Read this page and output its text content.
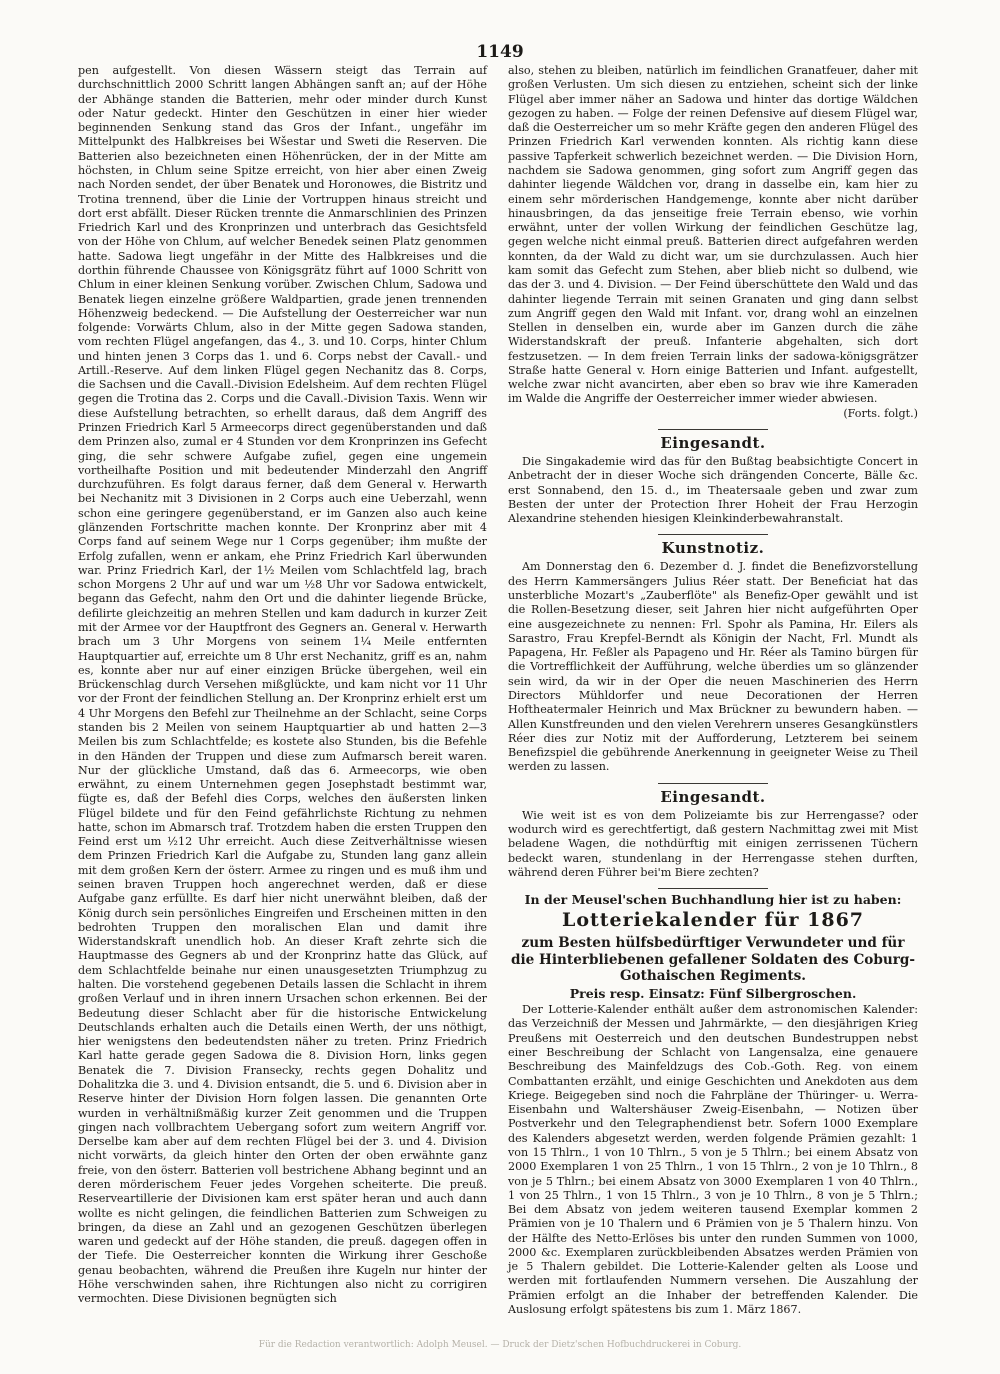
1149

pen aufgestellt. Von diesen Wässern steigt das Terrain auf durchschnittlich 2000 Schritt langen Abhängen sanft an; auf der Höhe der Abhänge standen die Batterien, mehr oder minder durch Kunst oder Natur gedeckt. Hinter den Geschützen in einer hier wieder beginnenden Senkung stand das Gros der Infant., ungefähr im Mittelpunkt des Halbkreises bei Wšestar und Sweti die Reserven. Die Batterien also bezeichneten einen Höhenrücken, der in der Mitte am höchsten, in Chlum seine Spitze erreicht, von hier aber einen Zweig nach Norden sendet, der über Benatek und Horonowes, die Bistritz und Trotina trennend, über die Linie der Vortruppen hinaus streicht und dort erst abfällt. Dieser Rücken trennte die Anmarschlinien des Prinzen Friedrich Karl und des Kronprinzen und unterbrach das Gesichtsfeld von der Höhe von Chlum, auf welcher Benedek seinen Platz genommen hatte. Sadowa liegt ungefähr in der Mitte des Halbkreises und die dorthin führende Chaussee von Königsgrätz führt auf 1000 Schritt von Chlum in einer kleinen Senkung vorüber. Zwischen Chlum, Sadowa und Benatek liegen einzelne größere Waldpartien, grade jenen trennenden Höhenzweig bedeckend. — Die Aufstellung der Oesterreicher war nun folgende: Vorwärts Chlum, also in der Mitte gegen Sadowa standen, vom rechten Flügel angefangen, das 4., 3. und 10. Corps, hinter Chlum und hinten jenen 3 Corps das 1. und 6. Corps nebst der Cavall.- und Artill.-Reserve. Auf dem linken Flügel gegen Nechanitz das 8. Corps, die Sachsen und die Cavall.-Division Edelsheim. Auf dem rechten Flügel gegen die Trotina das 2. Corps und die Cavall.-Division Taxis. Wenn wir diese Aufstellung betrachten, so erhellt daraus, daß dem Angriff des Prinzen Friedrich Karl 5 Armeecorps direct gegenüberstanden und daß dem Prinzen also, zumal er 4 Stunden vor dem Kronprinzen ins Gefecht ging, die sehr schwere Aufgabe zufiel, gegen eine ungemein vortheilhafte Position und mit bedeutender Minderzahl den Angriff durchzuführen. Es folgt daraus ferner, daß dem General v. Herwarth bei Nechanitz mit 3 Divisionen in 2 Corps auch eine Ueberzahl, wenn schon eine geringere gegenüberstand, er im Ganzen also auch keine glänzenden Fortschritte machen konnte. Der Kronprinz aber mit 4 Corps fand auf seinem Wege nur 1 Corps gegenüber; ihm mußte der Erfolg zufallen, wenn er ankam, ehe Prinz Friedrich Karl überwunden war. Prinz Friedrich Karl, der 1½ Meilen vom Schlachtfeld lag, brach schon Morgens 2 Uhr auf und war um ½8 Uhr vor Sadowa entwickelt, begann das Gefecht, nahm den Ort und die dahinter liegende Brücke, defilirte gleichzeitig an mehren Stellen und kam dadurch in kurzer Zeit mit der Armee vor der Hauptfront des Gegners an. General v. Herwarth brach um 3 Uhr Morgens von seinem 1¼ Meile entfernten Hauptquartier auf, erreichte um 8 Uhr erst Nechanitz, griff es an, nahm es, konnte aber nur auf einer einzigen Brücke übergehen, weil ein Brückenschlag durch Versehen mißglückte, und kam nicht vor 11 Uhr vor der Front der feindlichen Stellung an. Der Kronprinz erhielt erst um 4 Uhr Morgens den Befehl zur Theilnehme an der Schlacht, seine Corps standen bis 2 Meilen von seinem Hauptquartier ab und hatten 2—3 Meilen bis zum Schlachtfelde; es kostete also Stunden, bis die Befehle in den Händen der Truppen und diese zum Aufmarsch bereit waren. Nur der glückliche Umstand, daß das 6. Armeecorps, wie oben erwähnt, zu einem Unternehmen gegen Josephstadt bestimmt war, fügte es, daß der Befehl dies Corps, welches den äußersten linken Flügel bildete und für den Feind gefährlichste Richtung zu nehmen hatte, schon im Abmarsch traf. Trotzdem haben die ersten Truppen den Feind erst um ½12 Uhr erreicht. Auch diese Zeitverhältnisse wiesen dem Prinzen Friedrich Karl die Aufgabe zu, Stunden lang ganz allein mit dem großen Kern der österr. Armee zu ringen und es muß ihm und seinen braven Truppen hoch angerechnet werden, daß er diese Aufgabe ganz erfüllte. Es darf hier nicht unerwähnt bleiben, daß der König durch sein persönliches Eingreifen und Erscheinen mitten in den bedrohten Truppen den moralischen Elan und damit ihre Widerstandskraft unendlich hob. An dieser Kraft zehrte sich die Hauptmasse des Gegners ab und der Kronprinz hatte das Glück, auf dem Schlachtfelde beinahe nur einen unausgesetzten Triumphzug zu halten. Die vorstehend gegebenen Details lassen die Schlacht in ihrem großen Verlauf und in ihren innern Ursachen schon erkennen. Bei der Bedeutung dieser Schlacht aber für die historische Entwickelung Deutschlands erhalten auch die Details einen Werth, der uns nöthigt, hier wenigstens den bedeutendsten näher zu treten. Prinz Friedrich Karl hatte gerade gegen Sadowa die 8. Division Horn, links gegen Benatek die 7. Division Fransecky, rechts gegen Dohalitz und Dohalitzka die 3. und 4. Division entsandt, die 5. und 6. Division aber in Reserve hinter der Division Horn folgen lassen. Die genannten Orte wurden in verhältnißmäßig kurzer Zeit genommen und die Truppen gingen nach vollbrachtem Uebergang sofort zum weitern Angriff vor. Derselbe kam aber auf dem rechten Flügel bei der 3. und 4. Division nicht vorwärts, da gleich hinter den Orten der oben erwähnte ganz freie, von den österr. Batterien voll bestrichene Abhang beginnt und an deren mörderischem Feuer jedes Vorgehen scheiterte. Die preuß. Reserveartillerie der Divisionen kam erst später heran und auch dann wollte es nicht gelingen, die feindlichen Batterien zum Schweigen zu bringen, da diese an Zahl und an gezogenen Geschützen überlegen waren und gedeckt auf der Höhe standen, die preuß. dagegen offen in der Tiefe. Die Oesterreicher konnten die Wirkung ihrer Geschoße genau beobachten, während die Preußen ihre Kugeln nur hinter der Höhe verschwinden sahen, ihre Richtungen also nicht zu corrigiren vermochten. Diese Divisionen begnügten sich

also, stehen zu bleiben, natürlich im feindlichen Granatfeuer, daher mit großen Verlusten. Um sich diesen zu entziehen, scheint sich der linke Flügel aber immer näher an Sadowa und hinter das dortige Wäldchen gezogen zu haben. — Folge der reinen Defensive auf diesem Flügel war, daß die Oesterreicher um so mehr Kräfte gegen den anderen Flügel des Prinzen Friedrich Karl verwenden konnten. Als richtig kann diese passive Tapferkeit schwerlich bezeichnet werden. — Die Division Horn, nachdem sie Sadowa genommen, ging sofort zum Angriff gegen das dahinter liegende Wäldchen vor, drang in dasselbe ein, kam hier zu einem sehr mörderischen Handgemenge, konnte aber nicht darüber hinausbringen, da das jenseitige freie Terrain ebenso, wie vorhin erwähnt, unter der vollen Wirkung der feindlichen Geschütze lag, gegen welche nicht einmal preuß. Batterien direct aufgefahren werden konnten, da der Wald zu dicht war, um sie durchzulassen. Auch hier kam somit das Gefecht zum Stehen, aber blieb nicht so dulbend, wie das der 3. und 4. Division. — Der Feind überschüttete den Wald und das dahinter liegende Terrain mit seinen Granaten und ging dann selbst zum Angriff gegen den Wald mit Infant. vor, drang wohl an einzelnen Stellen in denselben ein, wurde aber im Ganzen durch die zähe Widerstandskraft der preuß. Infanterie abgehalten, sich dort festzusetzen. — In dem freien Terrain links der sadowa-königsgrätzer Straße hatte General v. Horn einige Batterien und Infant. aufgestellt, welche zwar nicht avancirten, aber eben so brav wie ihre Kameraden im Walde die Angriffe der Oesterreicher immer wieder abwiesen.

(Forts. folgt.)
Eingesandt.

Die Singakademie wird das für den Bußtag beabsichtigte Concert in Anbetracht der in dieser Woche sich drängenden Concerte, Bälle &c. erst Sonnabend, den 15. d., im Theatersaale geben und zwar zum Besten der unter der Protection Ihrer Hoheit der Frau Herzogin Alexandrine stehenden hiesigen Kleinkinderbewahranstalt.

Kunstnotiz.

Am Donnerstag den 6. Dezember d. J. findet die Benefizvorstellung des Herrn Kammersängers Julius Réer statt. Der Beneficiat hat das unsterbliche Mozart's „Zauberflöte" als Benefiz-Oper gewählt und ist die Rollen-Besetzung dieser, seit Jahren hier nicht aufgeführten Oper eine ausgezeichnete zu nennen: Frl. Spohr als Pamina, Hr. Eilers als Sarastro, Frau Krepfel-Berndt als Königin der Nacht, Frl. Mundt als Papagena, Hr. Feßler als Papageno und Hr. Réer als Tamino bürgen für die Vortrefflichkeit der Aufführung, welche überdies um so glänzender sein wird, da wir in der Oper die neuen Maschinerien des Herrn Directors Mühldorfer und neue Decorationen der Herren Hoftheatermaler Heinrich und Max Brückner zu bewundern haben. — Allen Kunstfreunden und den vielen Verehrern unseres Gesangkünstlers Réer dies zur Notiz mit der Aufforderung, Letzterem bei seinem Benefizspiel die gebührende Anerkennung in geeigneter Weise zu Theil werden zu lassen.

Eingesandt.

Wie weit ist es von dem Polizeiamte bis zur Herrengasse? oder wodurch wird es gerechtfertigt, daß gestern Nachmittag zwei mit Mist beladene Wagen, die nothdürftig mit einigen zerrissenen Tüchern bedeckt waren, stundenlang in der Herrengasse stehen durften, während deren Führer bei'm Biere zechten?

In der Meusel'schen Buchhandlung hier ist zu haben:
Lotteriekalender für 1867
zum Besten hülfsbedürftiger Verwundeter und für die Hinterbliebenen gefallener Soldaten des Coburg-Gothaischen Regiments.
Preis resp. Einsatz: Fünf Silbergroschen.

Der Lotterie-Kalender enthält außer dem astronomischen Kalender: das Verzeichniß der Messen und Jahrmärkte, — den diesjährigen Krieg Preußens mit Oesterreich und den deutschen Bundestruppen nebst einer Beschreibung der Schlacht von Langensalza, eine genauere Beschreibung des Mainfeldzugs des Cob.-Goth. Reg. von einem Combattanten erzählt, und einige Geschichten und Anekdoten aus dem Kriege. Beigegeben sind noch die Fahrpläne der Thüringer- u. Werra-Eisenbahn und Waltershäuser Zweig-Eisenbahn, — Notizen über Postverkehr und den Telegraphendienst betr. Sofern 1000 Exemplare des Kalenders abgesetzt werden, werden folgende Prämien gezahlt: 1 von 15 Thlrn., 1 von 10 Thlrn., 5 von je 5 Thlrn.; bei einem Absatz von 2000 Exemplaren 1 von 25 Thlrn., 1 von 15 Thlrn., 2 von je 10 Thlrn., 8 von je 5 Thlrn.; bei einem Absatz von 3000 Exemplaren 1 von 40 Thlrn., 1 von 25 Thlrn., 1 von 15 Thlrn., 3 von je 10 Thlrn., 8 von je 5 Thlrn.; Bei dem Absatz von jedem weiteren tausend Exemplar kommen 2 Prämien von je 10 Thalern und 6 Prämien von je 5 Thalern hinzu. Von der Hälfte des Netto-Erlöses bis unter den runden Summen von 1000, 2000 &c. Exemplaren zurückbleibenden Absatzes werden Prämien von je 5 Thalern gebildet. Die Lotterie-Kalender gelten als Loose und werden mit fortlaufenden Nummern versehen. Die Auszahlung der Prämien erfolgt an die Inhaber der betreffenden Kalender. Die Auslosung erfolgt spätestens bis zum 1. März 1867.

Für die Redaction verantwortlich: Adolph Meusel. — Druck der Dietz'schen Hofbuchdruckerei in Coburg.
